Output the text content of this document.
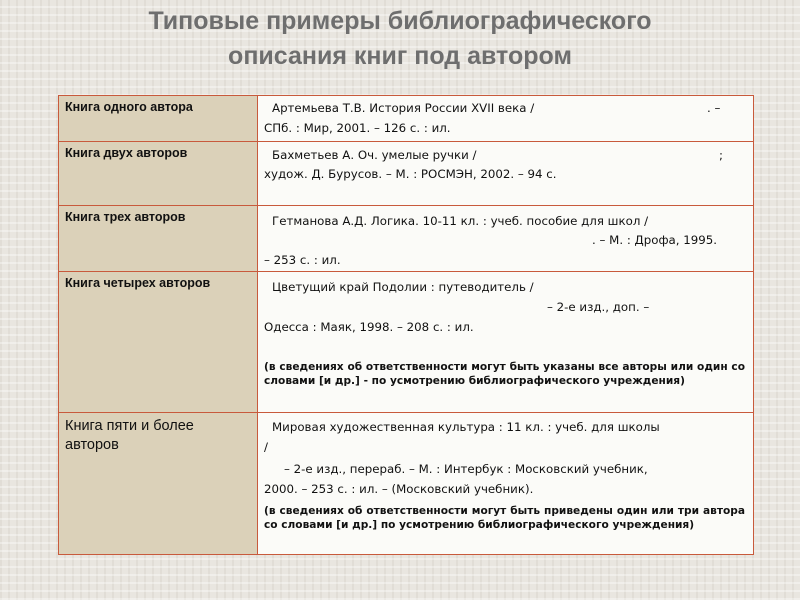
Типовые примеры библиографического
описания книг под автором
Книга одного автора	Артемьева Т.В. История России XVII века / . –
СПб. : Мир, 2001. – 126 с. : ил.

Книга двух авторов	Бахметьев А. Оч. умелые ручки / ;
худож. Д. Бурусов. – М. : РОСМЭН, 2002. – 94 с.

Книга трех авторов	Гетманова А.Д. Логика. 10-11 кл. : учеб. пособие для школ /
. – М. : Дрофа, 1995.
– 253 с. : ил.

Книга четырех авторов	Цветущий край Подолии : путеводитель /
– 2-е изд., доп. –
Одесса : Маяк, 1998. – 208 с. : ил.
(в сведениях об ответственности могут быть указаны все авторы или один со словами [и др.] - по усмотрению библиографического учреждения)

Книга пяти и более авторов	Мировая художественная культура : 11 кл. : учеб. для школы
/
– 2-е изд., перераб. – М. : Интербук : Московский учебник,
2000. – 253 с. : ил. – (Московский учебник).
(в сведениях об ответственности могут быть приведены один или три автора со словами [и др.] по усмотрению библиографического учреждения)
